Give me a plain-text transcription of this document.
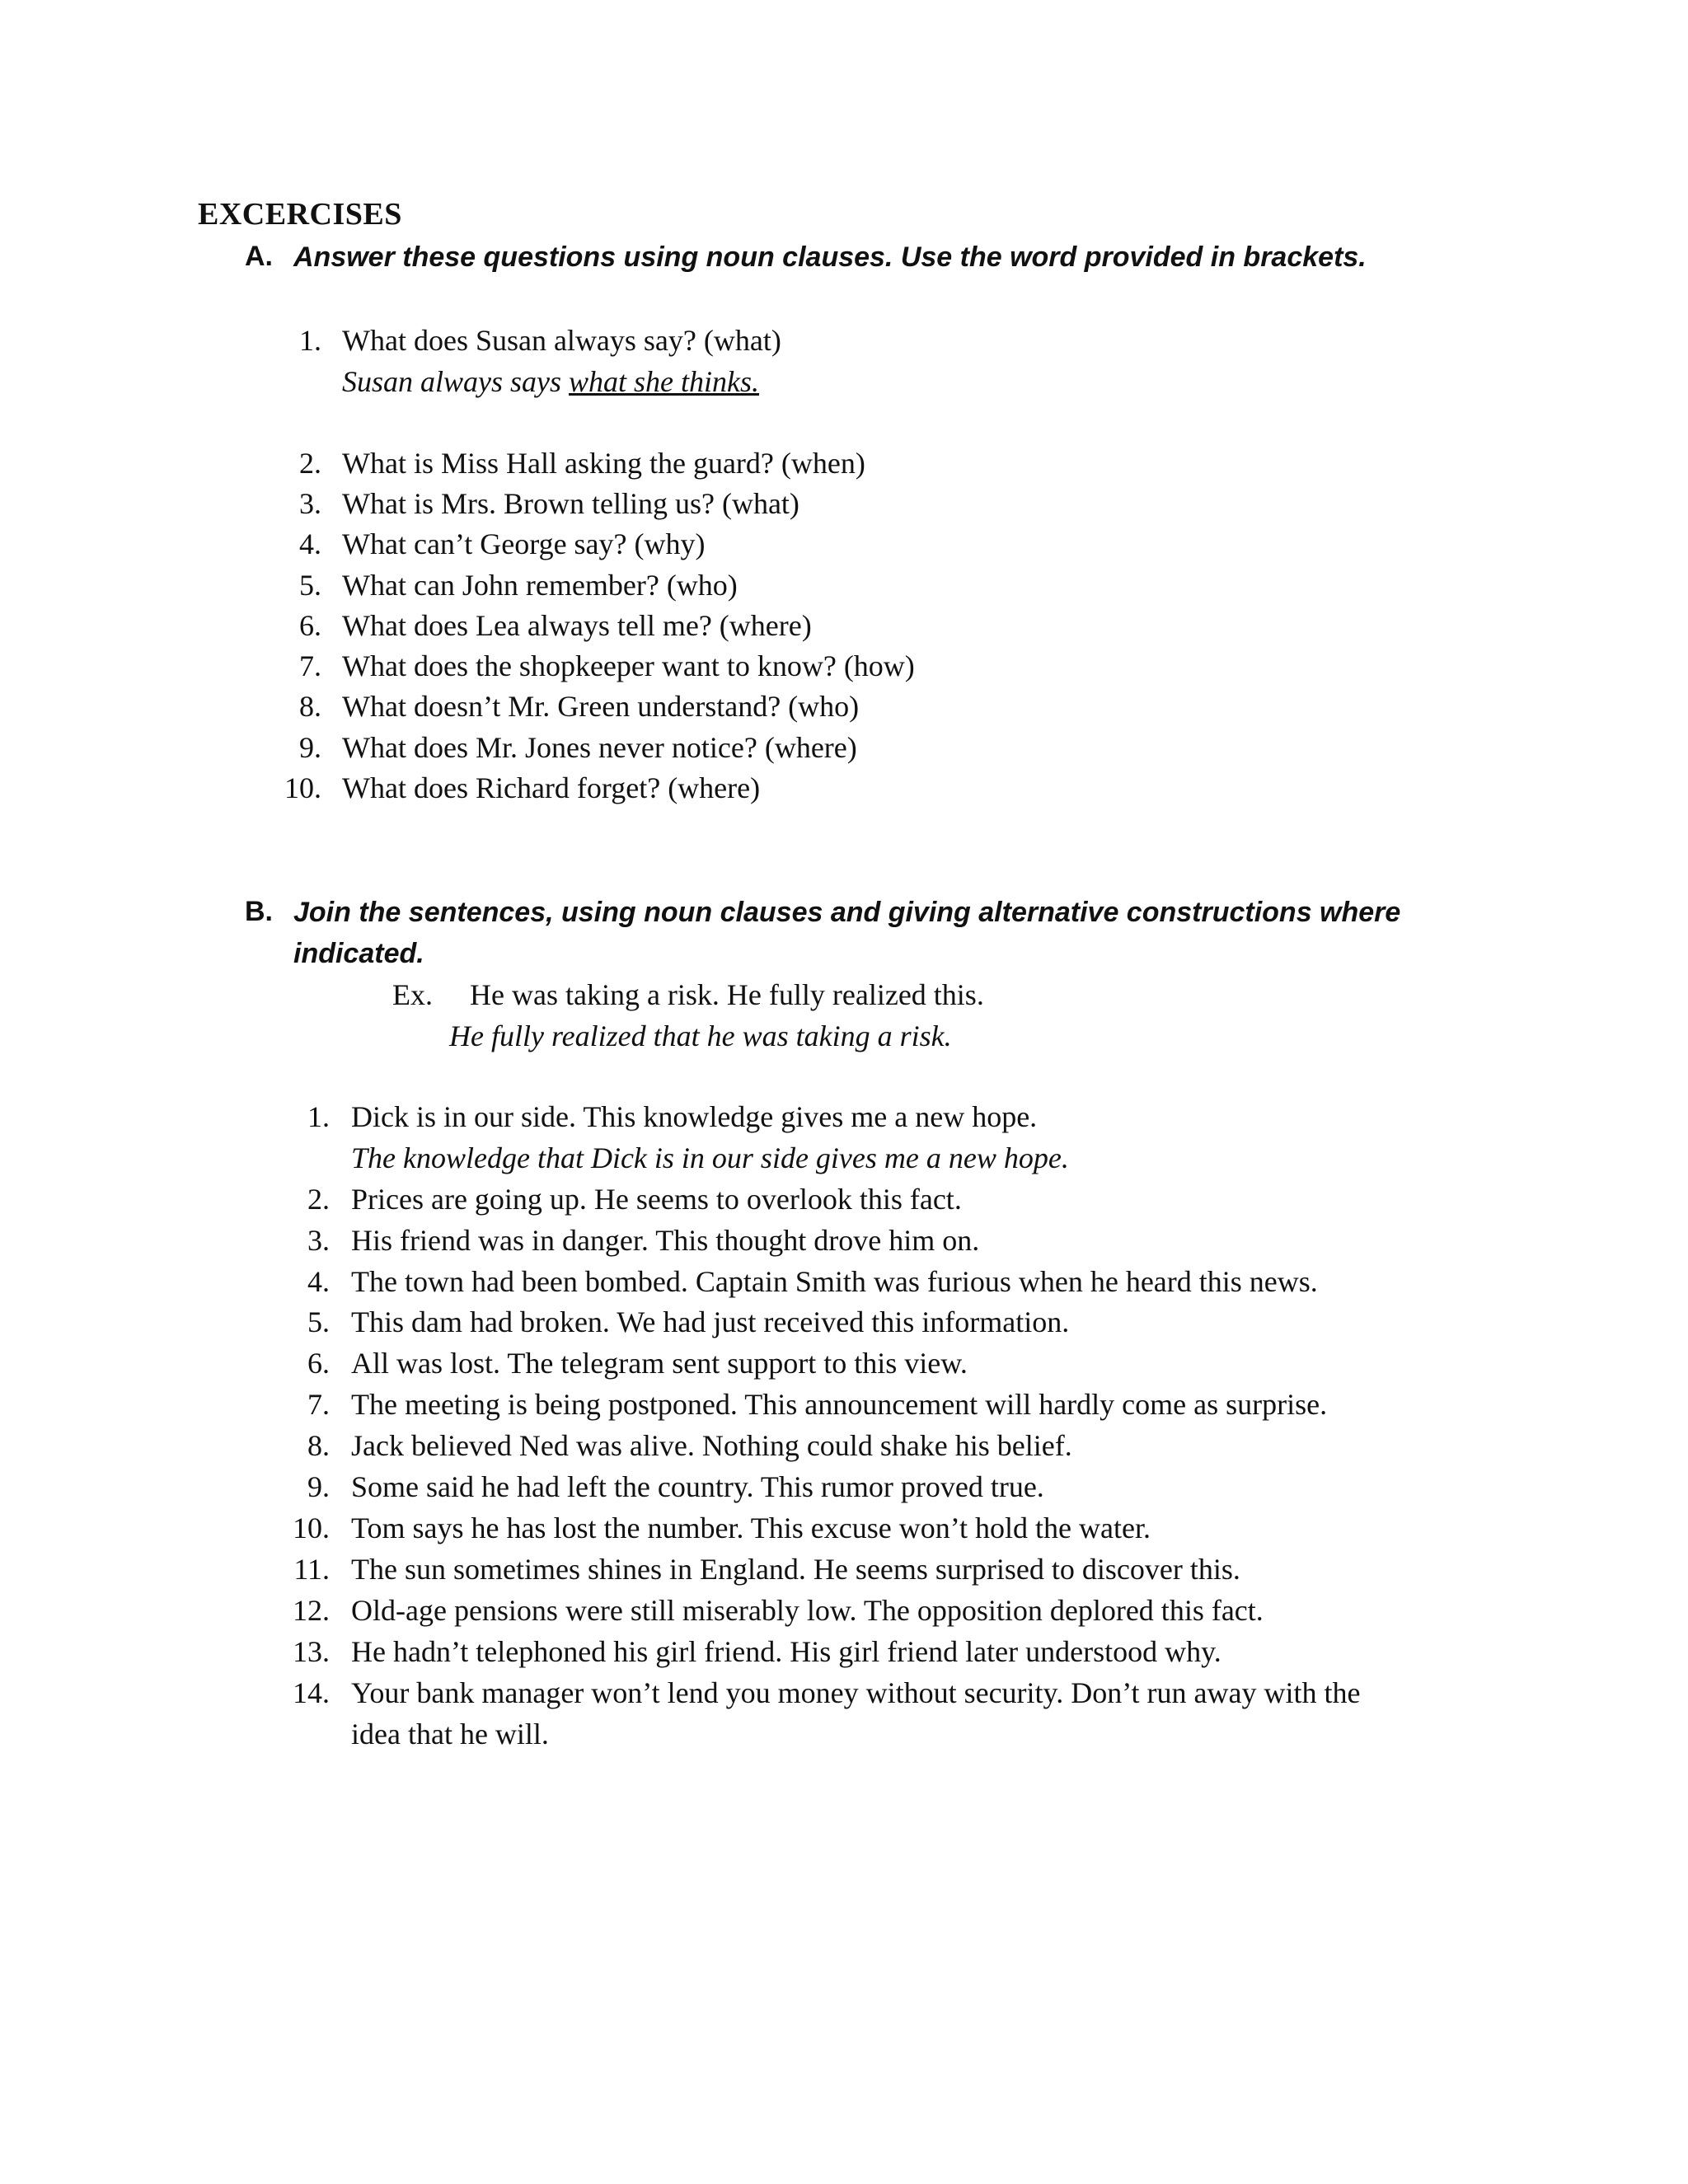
EXCERCISES
A. Answer these questions using noun clauses. Use the word provided in brackets.

1. What does Susan always say? (what)
Susan always says what she thinks.
2. What is Miss Hall asking the guard? (when)
3. What is Mrs. Brown telling us? (what)
4. What can’t George say? (why)
5. What can John remember? (who)
6. What does Lea always tell me? (where)
7. What does the shopkeeper want to know? (how)
8. What doesn’t Mr. Green understand? (who)
9. What does Mr. Jones never notice? (where)
10. What does Richard forget? (where)
B. Join the sentences, using noun clauses and giving alternative constructions where

indicated.

Ex. He was taking a risk. He fully realized this.
He fully realized that he was taking a risk.
1. Dick is in our side. This knowledge gives me a new hope.
The knowledge that Dick is in our side gives me a new hope.
2. Prices are going up. He seems to overlook this fact.
3. His friend was in danger. This thought drove him on.
4. The town had been bombed. Captain Smith was furious when he heard this news.
5. This dam had broken. We had just received this information.
6. All was lost. The telegram sent support to this view.
7. The meeting is being postponed. This announcement will hardly come as surprise.
8. Jack believed Ned was alive. Nothing could shake his belief.
9. Some said he had left the country. This rumor proved true.
10. Tom says he has lost the number. This excuse won’t hold the water.
11. The sun sometimes shines in England. He seems surprised to discover this.
12. Old-age pensions were still miserably low. The opposition deplored this fact.
13. He hadn’t telephoned his girl friend. His girl friend later understood why.
14. Your bank manager won’t lend you money without security. Don’t run away with the
idea that he will.
